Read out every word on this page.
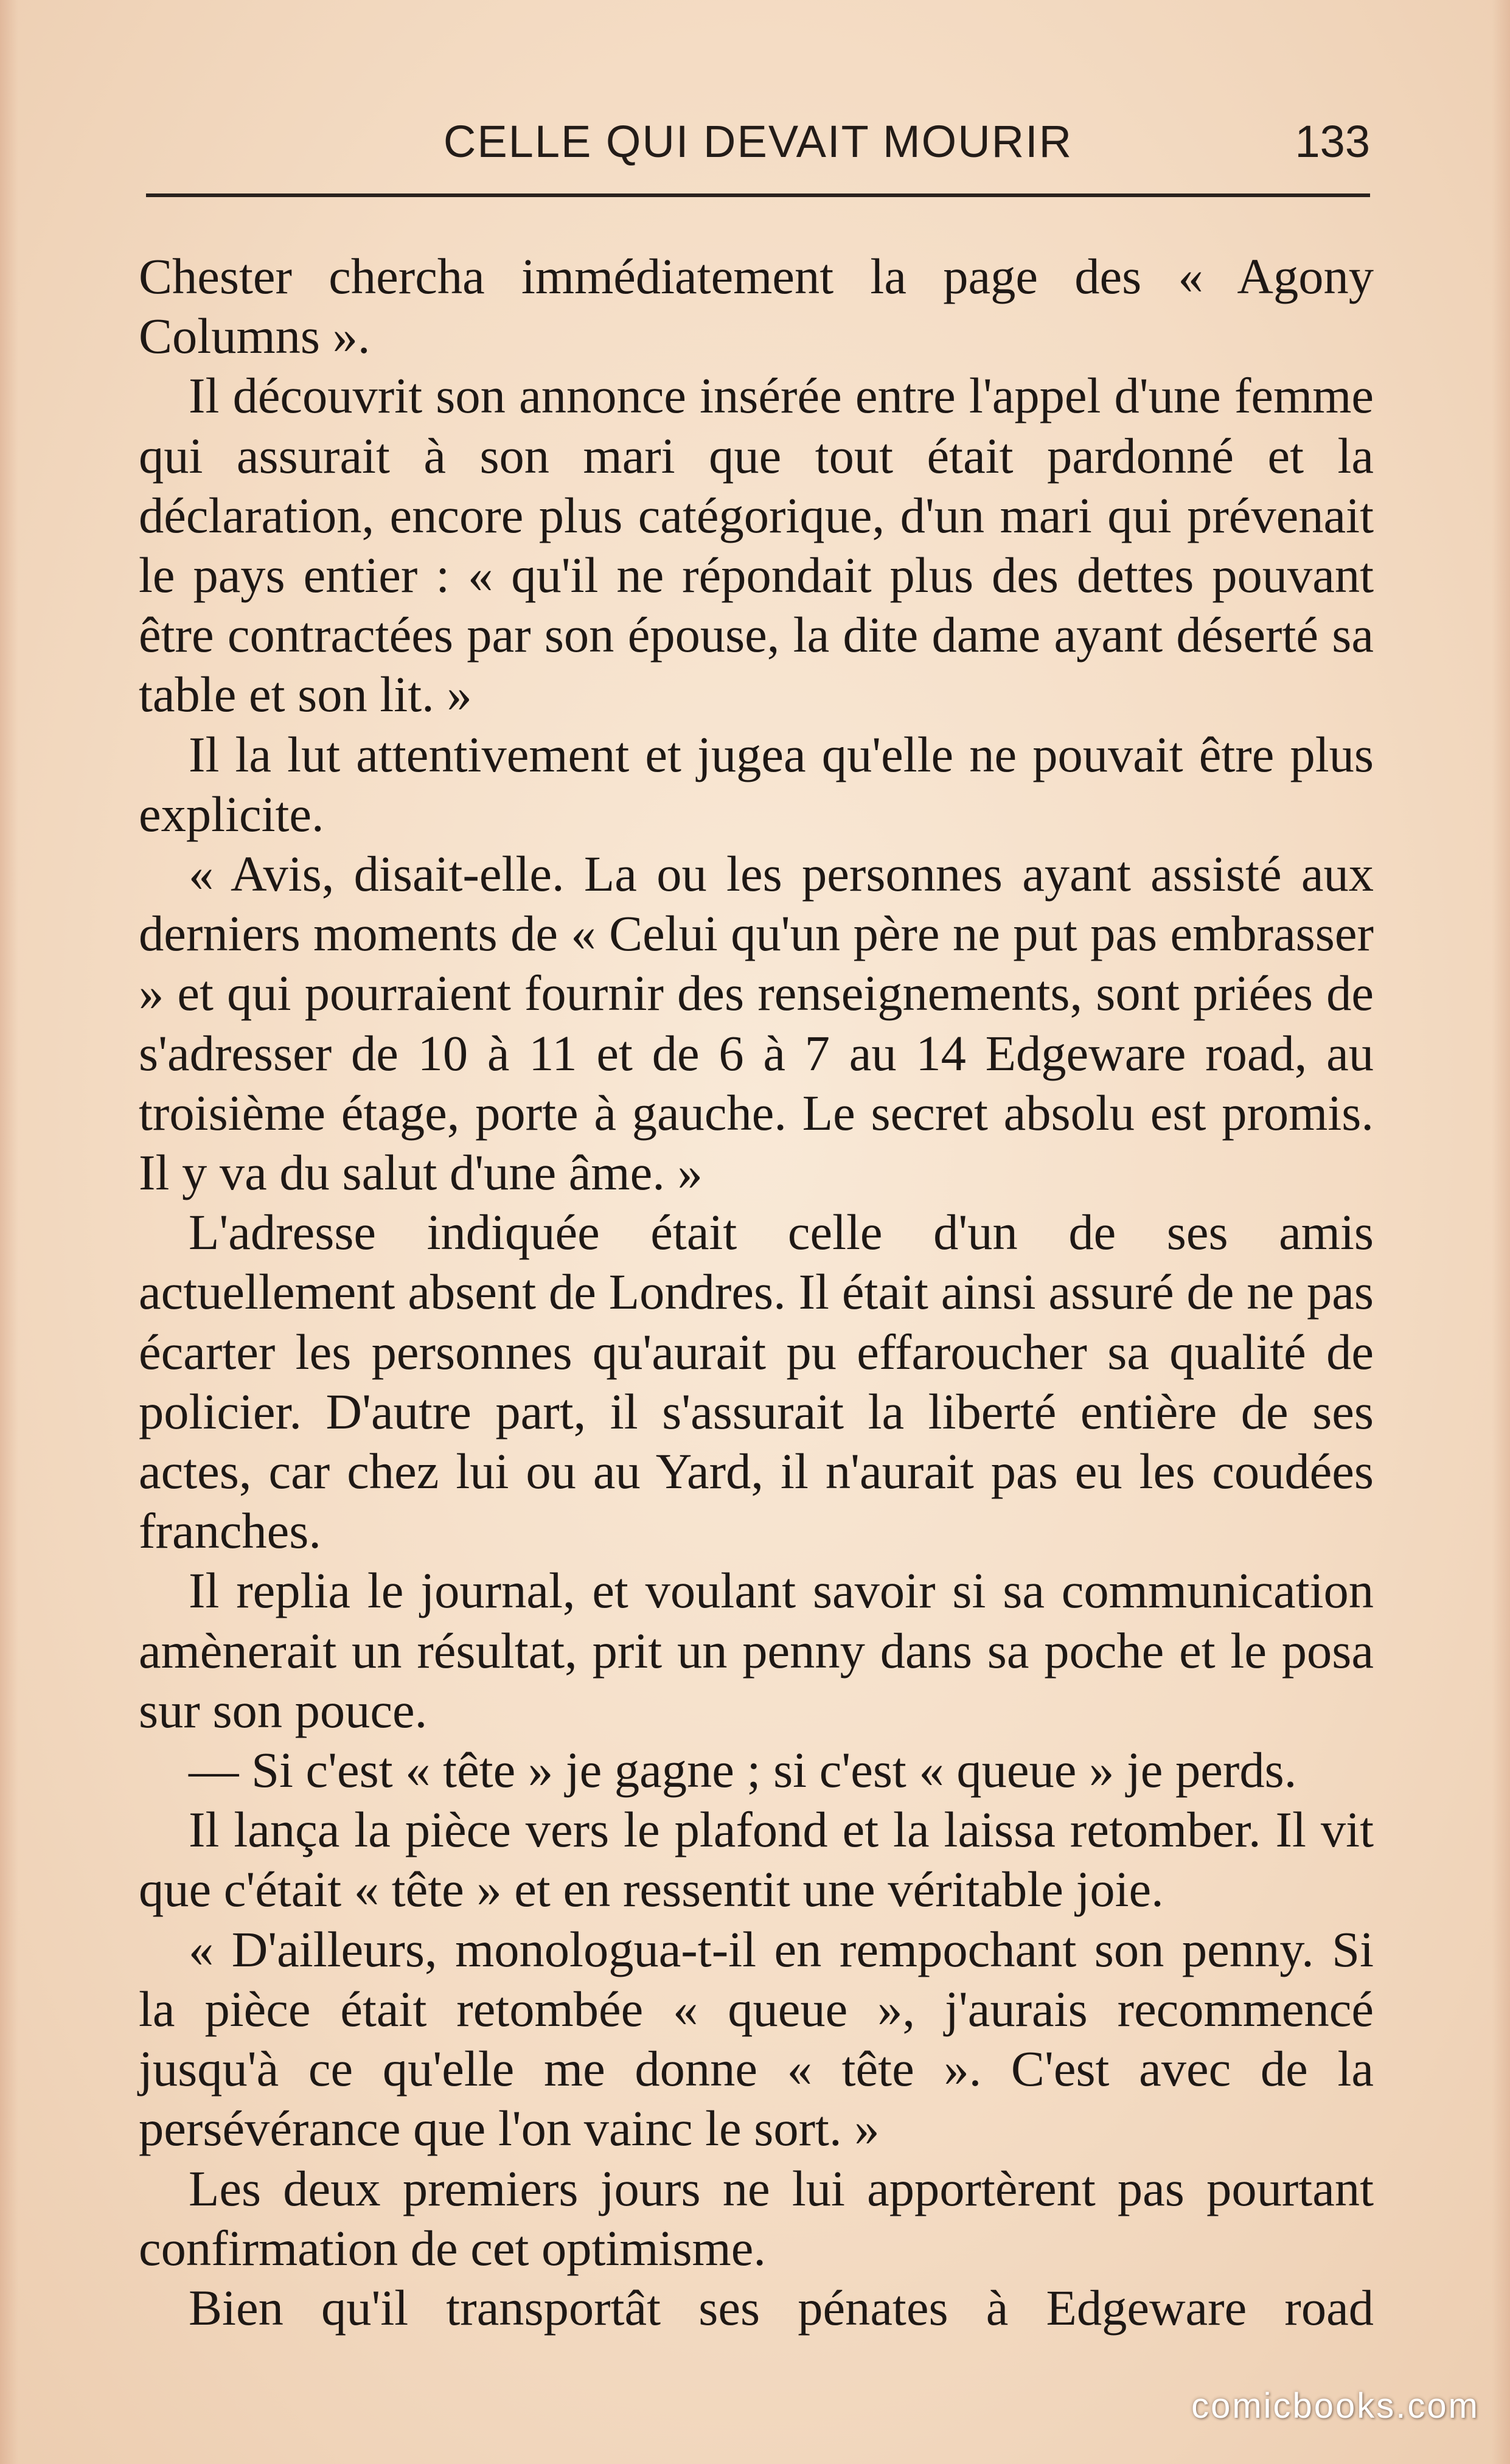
CELLE QUI DEVAIT MOURIR	133

Chester chercha immédiatement la page des « Agony Columns ».

Il découvrit son annonce insérée entre l'appel d'une femme qui assurait à son mari que tout était pardonné et la déclaration, encore plus catégorique, d'un mari qui prévenait le pays entier : « qu'il ne répondait plus des dettes pouvant être contractées par son épouse, la dite dame ayant déserté sa table et son lit. »

Il la lut attentivement et jugea qu'elle ne pouvait être plus explicite.

« Avis, disait-elle. La ou les personnes ayant assisté aux derniers moments de « Celui qu'un père ne put pas embrasser » et qui pourraient fournir des renseignements, sont priées de s'adresser de 10 à 11 et de 6 à 7 au 14 Edgeware road, au troisième étage, porte à gauche. Le secret absolu est promis. Il y va du salut d'une âme. »

L'adresse indiquée était celle d'un de ses amis actuellement absent de Londres. Il était ainsi assuré de ne pas écarter les personnes qu'aurait pu effaroucher sa qualité de policier. D'autre part, il s'assurait la liberté entière de ses actes, car chez lui ou au Yard, il n'aurait pas eu les coudées franches.

Il replia le journal, et voulant savoir si sa communication amènerait un résultat, prit un penny dans sa poche et le posa sur son pouce.

— Si c'est « tête » je gagne ; si c'est « queue » je perds.

Il lança la pièce vers le plafond et la laissa retomber. Il vit que c'était « tête » et en ressentit une véritable joie.

« D'ailleurs, monologua-t-il en rempochant son penny. Si la pièce était retombée « queue », j'aurais recommencé jusqu'à ce qu'elle me donne « tête ». C'est avec de la persévérance que l'on vainc le sort. »

Les deux premiers jours ne lui apportèrent pas pourtant confirmation de cet optimisme.

Bien qu'il transportât ses pénates à Edgeware road

comicbooks.com
